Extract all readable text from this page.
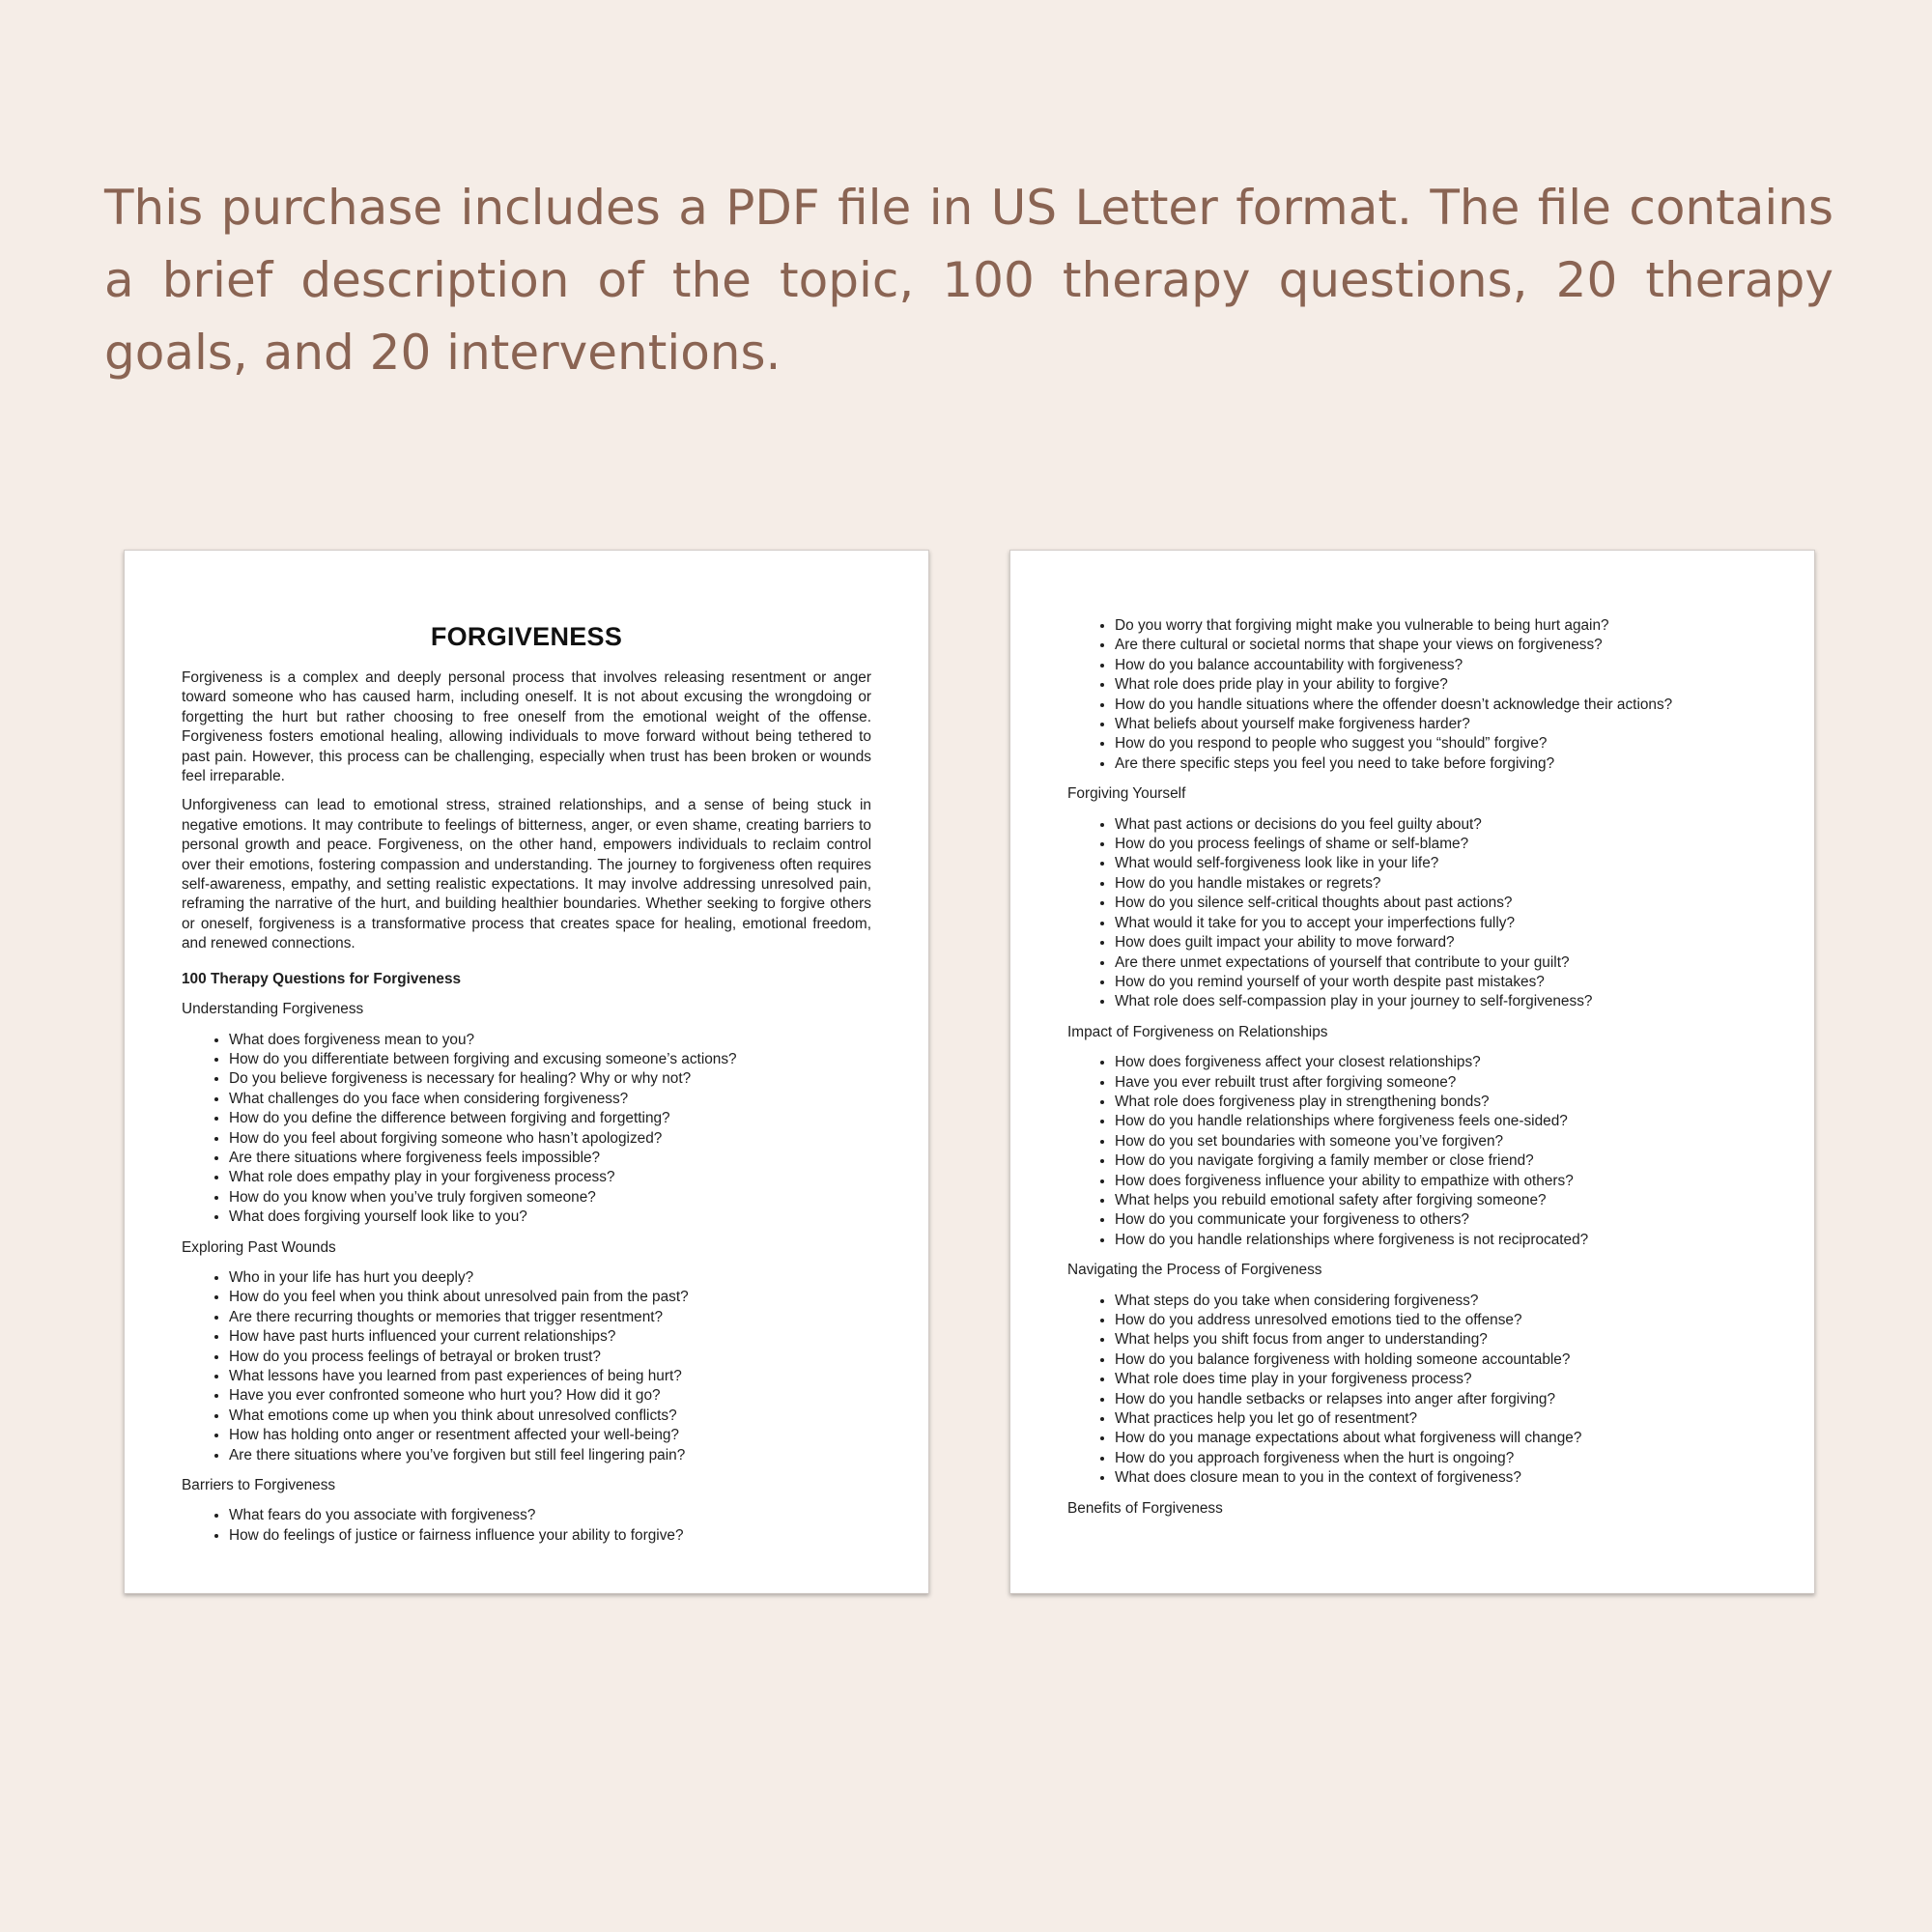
This purchase includes a PDF file in US Letter format. The file contains a brief description of the topic, 100 therapy questions, 20 therapy goals, and 20 interventions.
FORGIVENESS

Forgiveness is a complex and deeply personal process that involves releasing resentment or anger toward someone who has caused harm, including oneself. It is not about excusing the wrongdoing or forgetting the hurt but rather choosing to free oneself from the emotional weight of the offense. Forgiveness fosters emotional healing, allowing individuals to move forward without being tethered to past pain. However, this process can be challenging, especially when trust has been broken or wounds feel irreparable.

Unforgiveness can lead to emotional stress, strained relationships, and a sense of being stuck in negative emotions. It may contribute to feelings of bitterness, anger, or even shame, creating barriers to personal growth and peace. Forgiveness, on the other hand, empowers individuals to reclaim control over their emotions, fostering compassion and understanding. The journey to forgiveness often requires self-awareness, empathy, and setting realistic expectations. It may involve addressing unresolved pain, reframing the narrative of the hurt, and building healthier boundaries. Whether seeking to forgive others or oneself, forgiveness is a transformative process that creates space for healing, emotional freedom, and renewed connections.

100 Therapy Questions for Forgiveness
Understanding Forgiveness
• What does forgiveness mean to you?
• How do you differentiate between forgiving and excusing someone’s actions?
• Do you believe forgiveness is necessary for healing? Why or why not?
• What challenges do you face when considering forgiveness?
• How do you define the difference between forgiving and forgetting?
• How do you feel about forgiving someone who hasn’t apologized?
• Are there situations where forgiveness feels impossible?
• What role does empathy play in your forgiveness process?
• How do you know when you’ve truly forgiven someone?
• What does forgiving yourself look like to you?
Exploring Past Wounds
• Who in your life has hurt you deeply?
• How do you feel when you think about unresolved pain from the past?
• Are there recurring thoughts or memories that trigger resentment?
• How have past hurts influenced your current relationships?
• How do you process feelings of betrayal or broken trust?
• What lessons have you learned from past experiences of being hurt?
• Have you ever confronted someone who hurt you? How did it go?
• What emotions come up when you think about unresolved conflicts?
• How has holding onto anger or resentment affected your well-being?
• Are there situations where you’ve forgiven but still feel lingering pain?
Barriers to Forgiveness
• What fears do you associate with forgiveness?
• How do feelings of justice or fairness influence your ability to forgive?
• Do you worry that forgiving might make you vulnerable to being hurt again?
• Are there cultural or societal norms that shape your views on forgiveness?
• How do you balance accountability with forgiveness?
• What role does pride play in your ability to forgive?
• How do you handle situations where the offender doesn’t acknowledge their actions?
• What beliefs about yourself make forgiveness harder?
• How do you respond to people who suggest you “should” forgive?
• Are there specific steps you feel you need to take before forgiving?
Forgiving Yourself
• What past actions or decisions do you feel guilty about?
• How do you process feelings of shame or self-blame?
• What would self-forgiveness look like in your life?
• How do you handle mistakes or regrets?
• How do you silence self-critical thoughts about past actions?
• What would it take for you to accept your imperfections fully?
• How does guilt impact your ability to move forward?
• Are there unmet expectations of yourself that contribute to your guilt?
• How do you remind yourself of your worth despite past mistakes?
• What role does self-compassion play in your journey to self-forgiveness?
Impact of Forgiveness on Relationships
• How does forgiveness affect your closest relationships?
• Have you ever rebuilt trust after forgiving someone?
• What role does forgiveness play in strengthening bonds?
• How do you handle relationships where forgiveness feels one-sided?
• How do you set boundaries with someone you’ve forgiven?
• How do you navigate forgiving a family member or close friend?
• How does forgiveness influence your ability to empathize with others?
• What helps you rebuild emotional safety after forgiving someone?
• How do you communicate your forgiveness to others?
• How do you handle relationships where forgiveness is not reciprocated?
Navigating the Process of Forgiveness
• What steps do you take when considering forgiveness?
• How do you address unresolved emotions tied to the offense?
• What helps you shift focus from anger to understanding?
• How do you balance forgiveness with holding someone accountable?
• What role does time play in your forgiveness process?
• How do you handle setbacks or relapses into anger after forgiving?
• What practices help you let go of resentment?
• How do you manage expectations about what forgiveness will change?
• How do you approach forgiveness when the hurt is ongoing?
• What does closure mean to you in the context of forgiveness?
Benefits of Forgiveness
